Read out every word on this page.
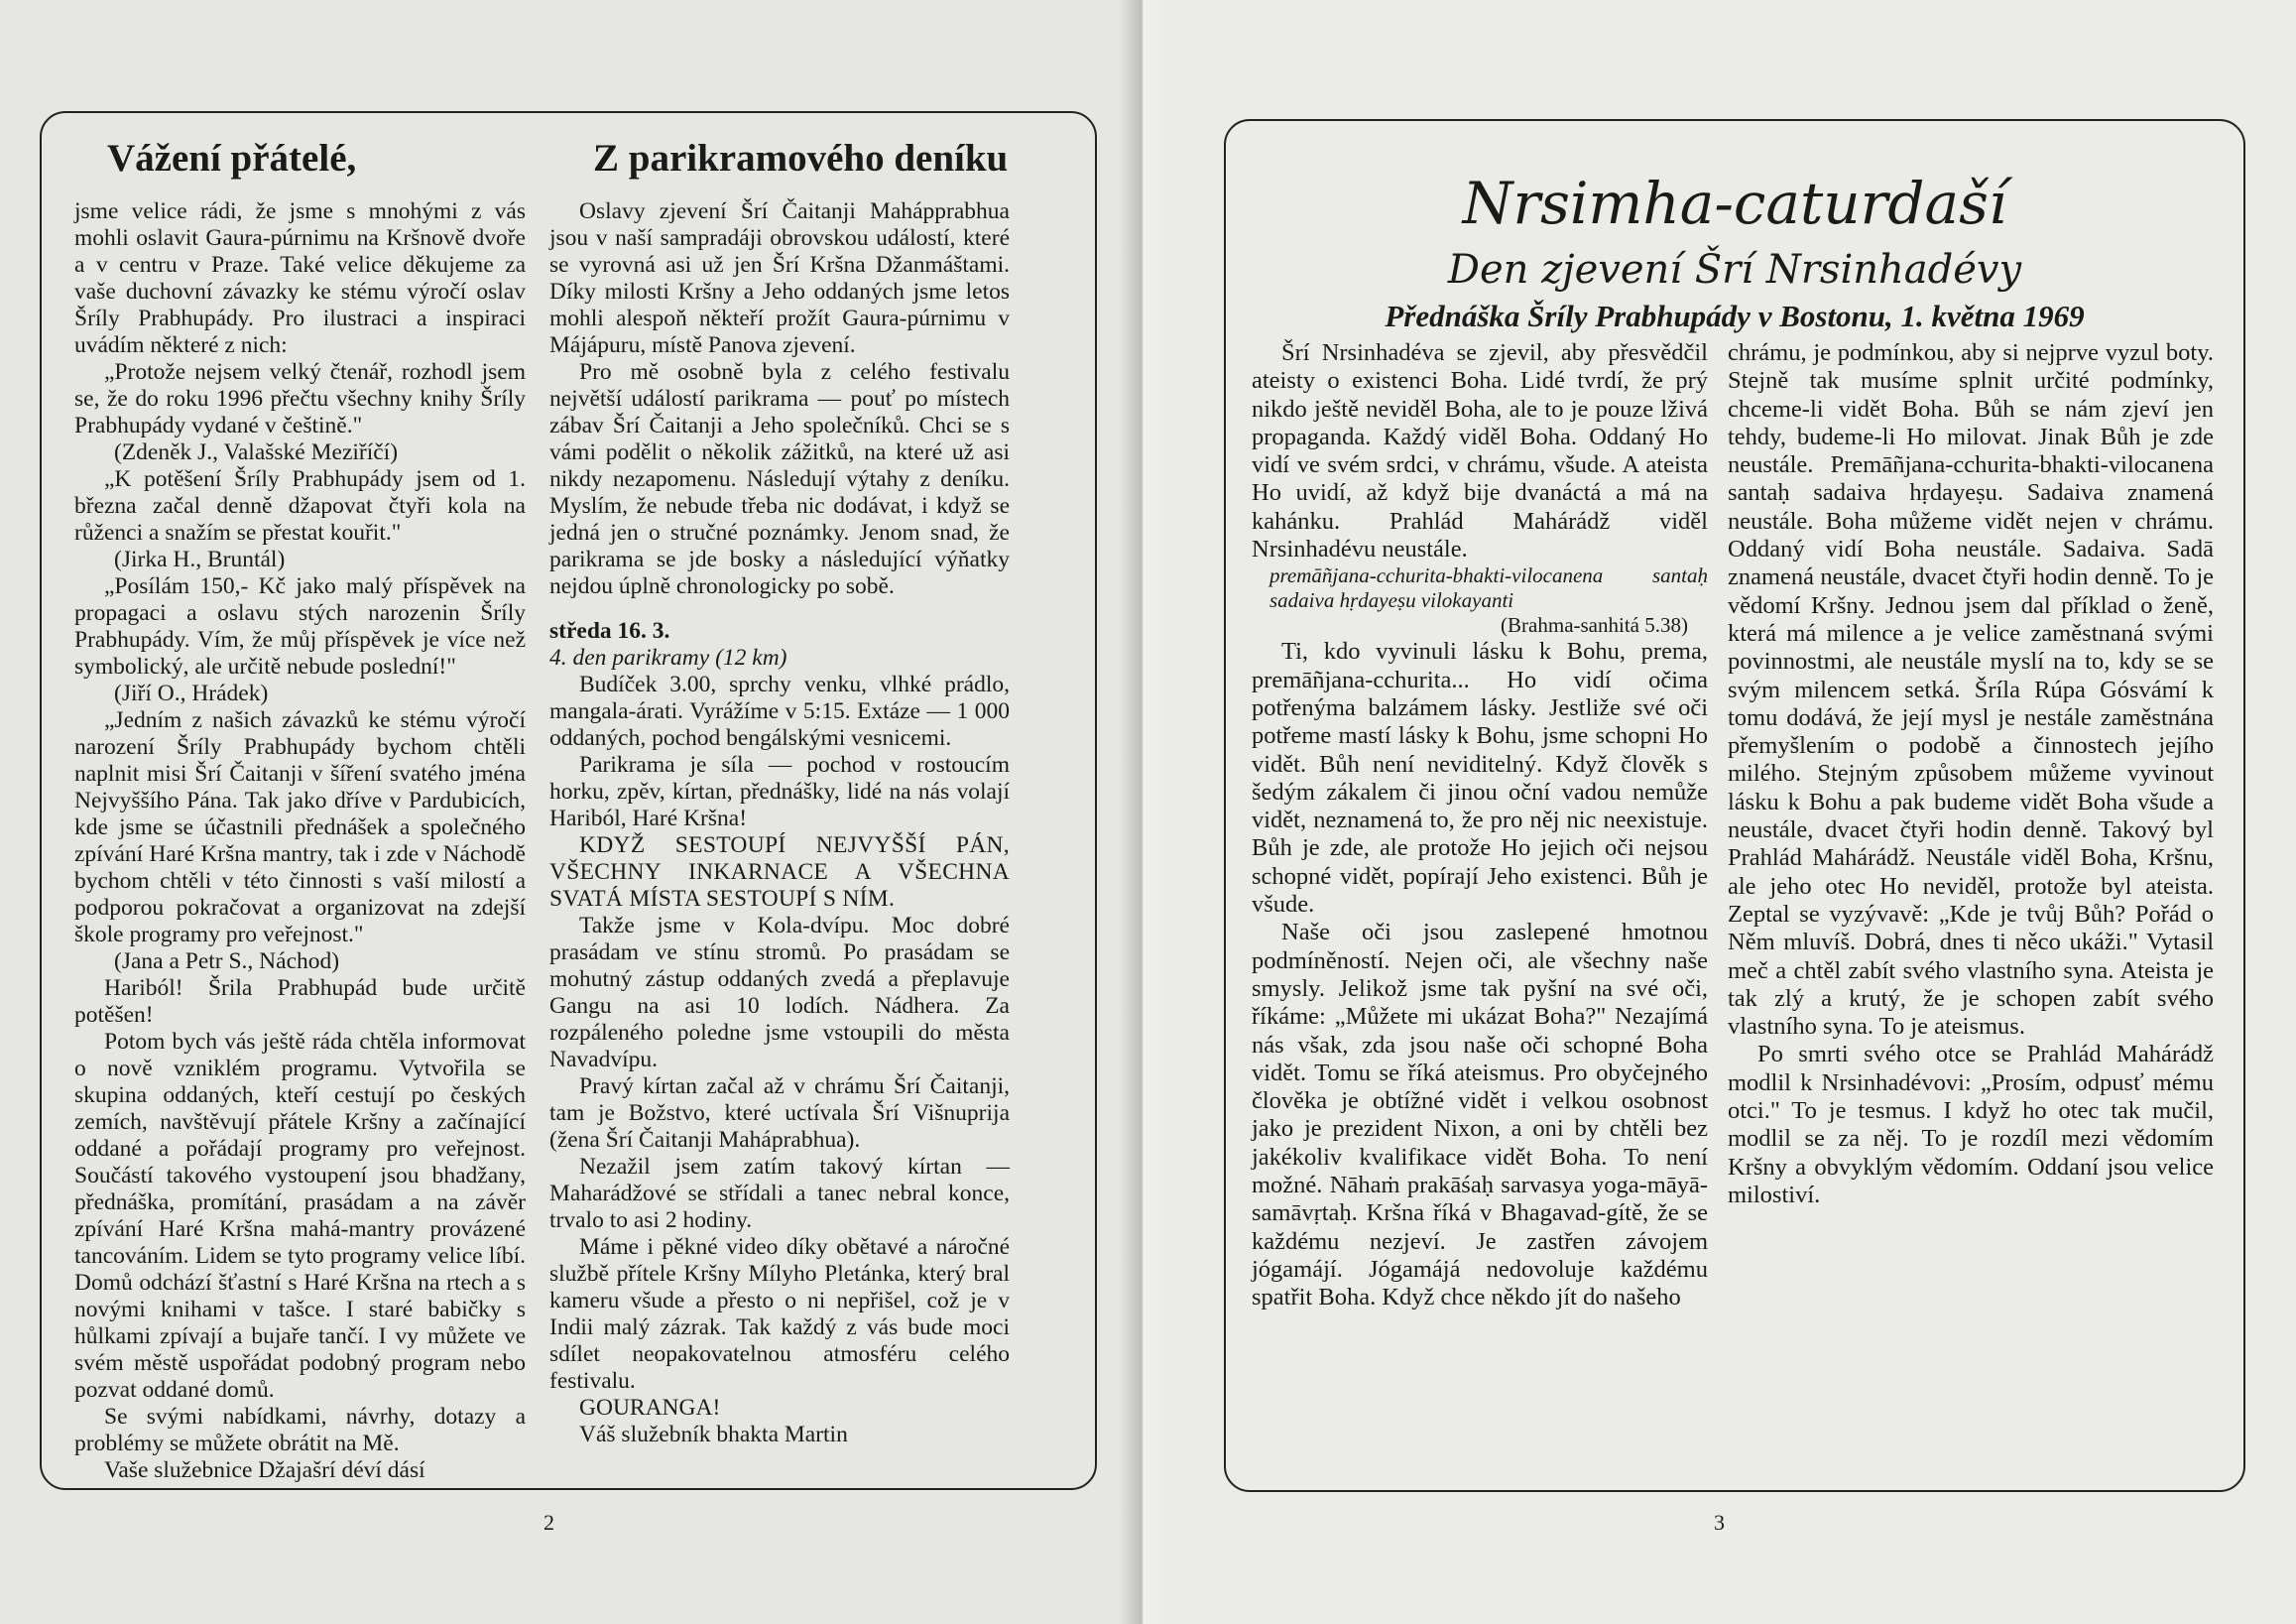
Vážení přátelé,	Z parikramového deníku

jsme velice rádi, že jsme s mnohými z vás mohli oslavit Gaura-púrnimu na Kršnově dvoře a v centru v Praze. Také velice děkujeme za vaše duchovní závazky ke stému výročí oslav Šríly Prabhupády. Pro ilustraci a inspiraci uvádím některé z nich:

„Protože nejsem velký čtenář, rozhodl jsem se, že do roku 1996 přečtu všechny knihy Šríly Prabhupády vydané v češtině."

(Zdeněk J., Valašské Meziříčí)

„K potěšení Šríly Prabhupády jsem od 1. března začal denně džapovat čtyři kola na růženci a snažím se přestat kouřit."

(Jirka H., Bruntál)

„Posílám 150,- Kč jako malý příspěvek na propagaci a oslavu stých narozenin Šríly Prabhupády. Vím, že můj příspěvek je více než symbolický, ale určitě nebude poslední!"

(Jiří O., Hrádek)

„Jedním z našich závazků ke stému výročí narození Šríly Prabhupády bychom chtěli naplnit misi Šrí Čaitanji v šíření svatého jména Nejvyššího Pána. Tak jako dříve v Pardubicích, kde jsme se účastnili přednášek a společného zpívání Haré Kršna mantry, tak i zde v Náchodě bychom chtěli v této činnosti s vaší milostí a podporou pokračovat a organizovat na zdejší škole programy pro veřejnost."

(Jana a Petr S., Náchod)

Hariból! Šrila Prabhupád bude určitě potěšen!

Potom bych vás ještě ráda chtěla informovat o nově vzniklém programu. Vytvořila se skupina oddaných, kteří cestují po českých zemích, navštěvují přátele Kršny a začínající oddané a pořádají programy pro veřejnost. Součástí takového vystoupení jsou bhadžany, přednáška, promítání, prasádam a na závěr zpívání Haré Kršna mahá-mantry provázené tancováním. Lidem se tyto programy velice líbí. Domů odchází šťastní s Haré Kršna na rtech a s novými knihami v tašce. I staré babičky s hůlkami zpívají a bujaře tančí. I vy můžete ve svém městě uspořádat podobný program nebo pozvat oddané domů.

Se svými nabídkami, návrhy, dotazy a problémy se můžete obrátit na Mě.

Vaše služebnice Džajašrí déví dásí

Oslavy zjevení Šrí Čaitanji Mahápprabhua jsou v naší sampradáji obrovskou událostí, které se vyrovná asi už jen Šrí Kršna Džanmáštami. Díky milosti Kršny a Jeho oddaných jsme letos mohli alespoň někteří prožít Gaura-púrnimu v Májápuru, místě Panova zjevení.

Pro mě osobně byla z celého festivalu největší událostí parikrama — pouť po místech zábav Šrí Čaitanji a Jeho společníků. Chci se s vámi podělit o několik zážitků, na které už asi nikdy nezapomenu. Následují výtahy z deníku. Myslím, že nebude třeba nic dodávat, i když se jedná jen o stručné poznámky. Jenom snad, že parikrama se jde bosky a následující výňatky nejdou úplně chronologicky po sobě.

středa 16. 3.

4. den parikramy (12 km)

Budíček 3.00, sprchy venku, vlhké prádlo, mangala-árati. Vyrážíme v 5:15. Extáze — 1 000 oddaných, pochod bengálskými vesnicemi.

Parikrama je síla — pochod v rostoucím horku, zpěv, kírtan, přednášky, lidé na nás volají Hariból, Haré Kršna!

KDYŽ SESTOUPÍ NEJVYŠŠÍ PÁN, VŠECHNY INKARNACE A VŠECHNA SVATÁ MÍSTA SESTOUPÍ S NÍM.

Takže jsme v Kola-dvípu. Moc dobré prasádam ve stínu stromů. Po prasádam se mohutný zástup oddaných zvedá a přeplavuje Gangu na asi 10 lodích. Nádhera. Za rozpáleného poledne jsme vstoupili do města Navadvípu.

Pravý kírtan začal až v chrámu Šrí Čaitanji, tam je Božstvo, které uctívala Šrí Višnuprija (žena Šrí Čaitanji Maháprabhua).

Nezažil jsem zatím takový kírtan — Maharádžové se střídali a tanec nebral konce, trvalo to asi 2 hodiny.

Máme i pěkné video díky obětavé a náročné službě přítele Kršny Mílyho Pletánka, který bral kameru všude a přesto o ni nepřišel, což je v Indii malý zázrak. Tak každý z vás bude moci sdílet neopakovatelnou atmosféru celého festivalu.

GOURANGA!

Váš služebník bhakta Martin

2
Nrsimha-caturdaší
Den zjevení Šrí Nrsinhadévy
Přednáška Šríly Prabhupády v Bostonu, 1. května 1969

Šrí Nrsinhadéva se zjevil, aby přesvědčil ateisty o existenci Boha. Lidé tvrdí, že prý nikdo ještě neviděl Boha, ale to je pouze lživá propaganda. Každý viděl Boha. Oddaný Ho vidí ve svém srdci, v chrámu, všude. A ateista Ho uvidí, až když bije dvanáctá a má na kahánku. Prahlád Mahárádž viděl Nrsinhadévu neustále.

premāñjana-cchurita-bhakti-vilocanena santaḥ sadaiva hṛdayeṣu vilokayanti

(Brahma-sanhitá 5.38)

Ti, kdo vyvinuli lásku k Bohu, prema, premāñjana-cchurita... Ho vidí očima potřenýma balzámem lásky. Jestliže své oči potřeme mastí lásky k Bohu, jsme schopni Ho vidět. Bůh není neviditelný. Když člověk s šedým zákalem či jinou oční vadou nemůže vidět, neznamená to, že pro něj nic neexistuje. Bůh je zde, ale protože Ho jejich oči nejsou schopné vidět, popírají Jeho existenci. Bůh je všude.

Naše oči jsou zaslepené hmotnou podmíněností. Nejen oči, ale všechny naše smysly. Jelikož jsme tak pyšní na své oči, říkáme: „Můžete mi ukázat Boha?" Nezajímá nás však, zda jsou naše oči schopné Boha vidět. Tomu se říká ateismus. Pro obyčejného člověka je obtížné vidět i velkou osobnost jako je prezident Nixon, a oni by chtěli bez jakékoliv kvalifikace vidět Boha. To není možné. Nāhaṁ prakāśaḥ sarvasya yoga-māyā-samāvṛtaḥ. Kršna říká v Bhagavad-gítě, že se každému nezjeví. Je zastřen závojem jógamájí. Jógamájá nedovoluje každému spatřit Boha. Když chce někdo jít do našeho

chrámu, je podmínkou, aby si nejprve vyzul boty. Stejně tak musíme splnit určité podmínky, chceme-li vidět Boha. Bůh se nám zjeví jen tehdy, budeme-li Ho milovat. Jinak Bůh je zde neustále. Premāñjana-cchurita-bhakti-vilocanena santaḥ sadaiva hṛdayeṣu. Sadaiva znamená neustále. Boha můžeme vidět nejen v chrámu. Oddaný vidí Boha neustále. Sadaiva. Sadā znamená neustále, dvacet čtyři hodin denně. To je vědomí Kršny. Jednou jsem dal příklad o ženě, která má milence a je velice zaměstnaná svými povinnostmi, ale neustále myslí na to, kdy se se svým milencem setká. Šríla Rúpa Gósvámí k tomu dodává, že její mysl je nestále zaměstnána přemyšlením o podobě a činnostech jejího milého. Stejným způsobem můžeme vyvinout lásku k Bohu a pak budeme vidět Boha všude a neustále, dvacet čtyři hodin denně. Takový byl Prahlád Mahárádž. Neustále viděl Boha, Kršnu, ale jeho otec Ho neviděl, protože byl ateista. Zeptal se vyzývavě: „Kde je tvůj Bůh? Pořád o Něm mluvíš. Dobrá, dnes ti něco ukáži." Vytasil meč a chtěl zabít svého vlastního syna. Ateista je tak zlý a krutý, že je schopen zabít svého vlastního syna. To je ateismus.

Po smrti svého otce se Prahlád Mahárádž modlil k Nrsinhadévovi: „Prosím, odpusť mému otci." To je tesmus. I když ho otec tak mučil, modlil se za něj. To je rozdíl mezi vědomím Kršny a obvyklým vědomím. Oddaní jsou velice milostiví.

3
